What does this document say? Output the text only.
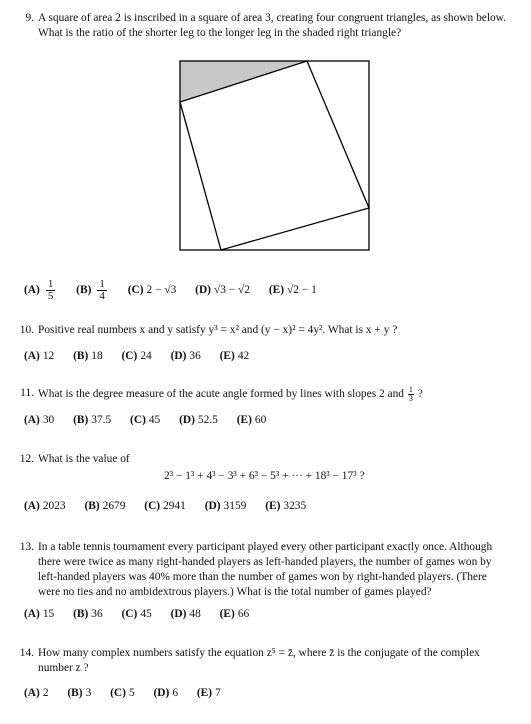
9. A square of area 2 is inscribed in a square of area 3, creating four congruent triangles, as shown below.
What is the ratio of the shorter leg to the longer leg in the shaded right triangle?
$(A) \frac{1}{5} (B) \frac{1}{4} (C) 2 - √3$ (D) √3 − √2 (E) √2 − 1
10. Positive real numbers x and y satisfy y³ = x² and (y − x)² = 4y². What is x + y ?
(A) 12 (B) 18 (C) 24 (D) 36 (E) 42
11. What is the degree measure of the acute angle formed by lines with slopes 2 and $\frac{1}{3}$ ?
(A) 30 (B) 37.5 (C) 45 (D) 52.5 (E) 60
12. What is the value of
2³ − 1³ + 4³ − 3³ + 6³ − 5³ + ··· + 18³ − 17³ ?
(A) 2023 (B) 2679 (C) 2941 (D) 3159 (E) 3235
13. In a table tennis tournament every participant played every other participant exactly once. Although
there were twice as many right-handed players as left-handed players, the number of games won by
left-handed players was 40% more than the number of games won by right-handed players. (There
were no ties and no ambidextrous players.) What is the total number of games played?
(A) 15 (B) 36 (C) 45 (D) 48 (E) 66
14. How many complex numbers satisfy the equation z⁵ = z̄, where z̄ is the conjugate of the complex
number z ?
(A) 2 (B) 3 (C) 5 (D) 6 (E) 7
